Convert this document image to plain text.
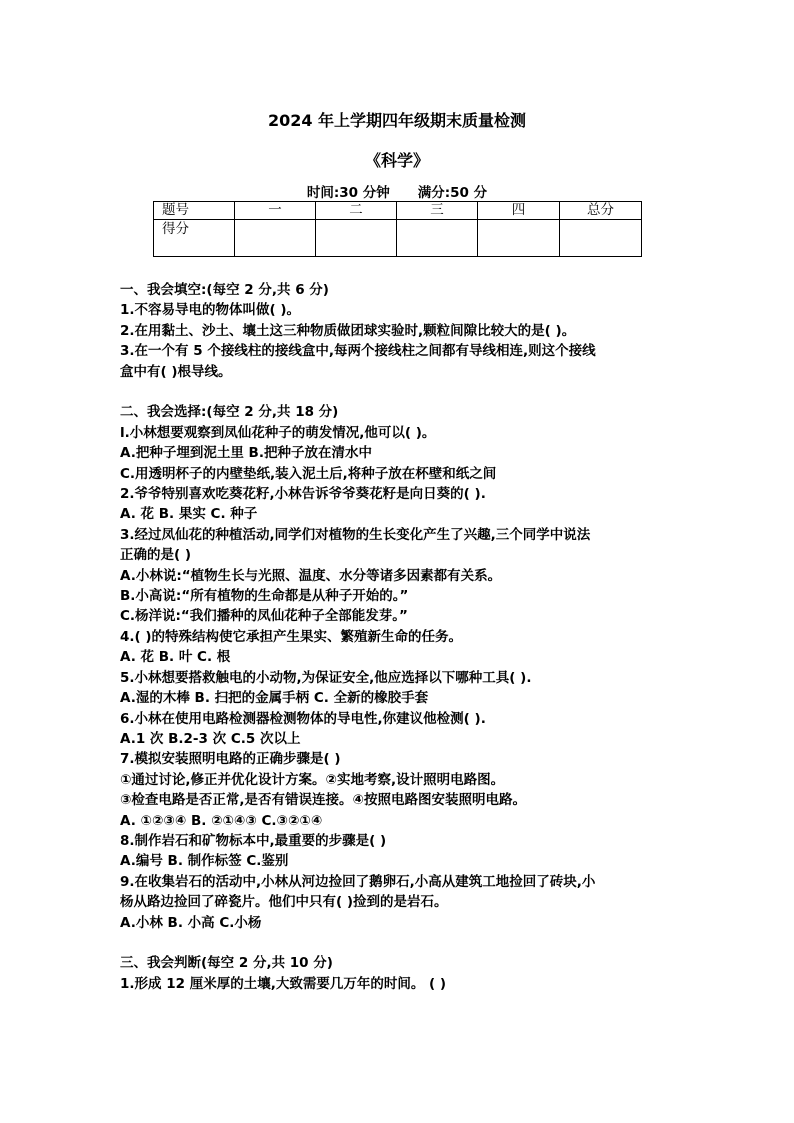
2024 年上学期四年级期末质量检测
《科学》
时间:30 分钟 满分:50 分
题号	一	二	三	四	总分
得分					

一、我会填空:(每空 2 分,共 6 分)

1.不容易导电的物体叫做( )。

2.在用黏土、沙土、壤土这三种物质做团球实验时,颗粒间隙比较大的是( )。

3.在一个有 5 个接线柱的接线盒中,每两个接线柱之间都有导线相连,则这个接线

盒中有( )根导线。

二、我会选择:(每空 2 分,共 18 分)

l.小林想要观察到凤仙花种子的萌发情况,他可以( )。

A.把种子埋到泥土里 B.把种子放在清水中

C.用透明杯子的内壁垫纸,装入泥土后,将种子放在杯壁和纸之间

2.爷爷特别喜欢吃葵花籽,小林告诉爷爷葵花籽是向日葵的( ).

A. 花 B. 果实 C. 种子

3.经过凤仙花的种植活动,同学们对植物的生长变化产生了兴趣,三个同学中说法

正确的是( )

A.小林说:“植物生长与光照、温度、水分等诸多因素都有关系。

B.小高说:“所有植物的生命都是从种子开始的。”

C.杨洋说:“我们播种的凤仙花种子全部能发芽。”

4.( )的特殊结构使它承担产生果实、繁殖新生命的任务。

A. 花 B. 叶 C. 根

5.小林想要搭救触电的小动物,为保证安全,他应选择以下哪种工具( ).

A.湿的木棒 B. 扫把的金属手柄 C. 全新的橡胶手套

6.小林在使用电路检测器检测物体的导电性,你建议他检测( ).

A.1 次 B.2-3 次 C.5 次以上

7.模拟安装照明电路的正确步骤是( )

①通过讨论,修正并优化设计方案。②实地考察,设计照明电路图。

③检查电路是否正常,是否有错误连接。④按照电路图安装照明电路。

A. ①②③④ B. ②①④③ C.③②①④

8.制作岩石和矿物标本中,最重要的步骤是( )

A.编号 B. 制作标签 C.鉴别

9.在收集岩石的活动中,小林从河边捡回了鹅卵石,小高从建筑工地捡回了砖块,小

杨从路边捡回了碎瓷片。他们中只有( )捡到的是岩石。

A.小林 B. 小高 C.小杨

三、我会判断(每空 2 分,共 10 分)

1.形成 12 厘米厚的土壤,大致需要几万年的时间。 ( )
